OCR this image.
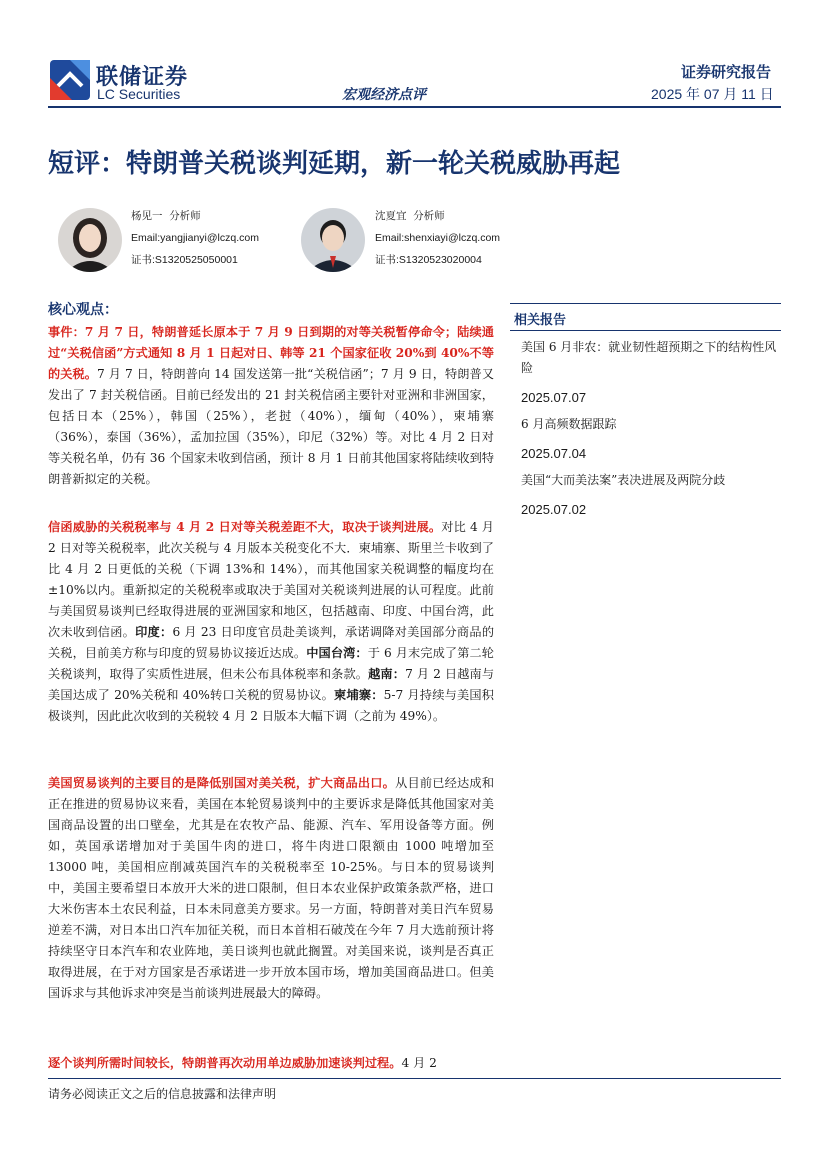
联储证券
LC Securities	宏观经济点评
证券研究报告
2025 年 07 月 11 日
短评：特朗普关税谈判延期，新一轮关税威胁再起
杨见一 分析师
Email:yangjianyi@lczq.com
证书:S1320525050001
沈夏宜 分析师
Email:shenxiayi@lczq.com
证书:S1320523020004
核心观点：
事件：7 月 7 日，特朗普延长原本于 7 月 9 日到期的对等关税暂停命令；陆续通过“关税信函”方式通知 8 月 1 日起对日、韩等 21 个国家征收 20%到 40%不等的关税。7 月 7 日，特朗普向 14 国发送第一批“关税信函”；7 月 9 日，特朗普又发出了 7 封关税信函。目前已经发出的 21 封关税信函主要针对亚洲和非洲国家，包括日本（25%），韩国（25%），老挝（40%），缅甸（40%），柬埔寨（36%），泰国（36%），孟加拉国（35%），印尼（32%）等。对比 4 月 2 日对等关税名单，仍有 36 个国家未收到信函，预计 8 月 1 日前其他国家将陆续收到特朗普新拟定的关税。
信函威胁的关税税率与 4 月 2 日对等关税差距不大，取决于谈判进展。对比 4 月 2 日对等关税税率，此次关税与 4 月版本关税变化不大．柬埔寨、斯里兰卡收到了比 4 月 2 日更低的关税（下调 13%和 14%），而其他国家关税调整的幅度均在±10%以内。重新拟定的关税税率或取决于美国对关税谈判进展的认可程度。此前与美国贸易谈判已经取得进展的亚洲国家和地区，包括越南、印度、中国台湾，此次未收到信函。印度：6 月 23 日印度官员赴美谈判，承诺调降对美国部分商品的关税，目前美方称与印度的贸易协议接近达成。中国台湾：于 6 月末完成了第二轮关税谈判，取得了实质性进展，但未公布具体税率和条款。越南：7 月 2 日越南与美国达成了 20%关税和 40%转口关税的贸易协议。柬埔寨：5-7 月持续与美国积极谈判，因此此次收到的关税较 4 月 2 日版本大幅下调（之前为 49%）。
美国贸易谈判的主要目的是降低别国对美关税，扩大商品出口。从目前已经达成和正在推进的贸易协议来看，美国在本轮贸易谈判中的主要诉求是降低其他国家对美国商品设置的出口壁垒，尤其是在农牧产品、能源、汽车、军用设备等方面。例如，英国承诺增加对于美国牛肉的进口，将牛肉进口限额由 1000 吨增加至 13000 吨，美国相应削减英国汽车的关税税率至 10-25%。与日本的贸易谈判中，美国主要希望日本放开大米的进口限制，但日本农业保护政策条款严格，进口大米伤害本土农民利益，日本未同意美方要求。另一方面，特朗普对美日汽车贸易逆差不满，对日本出口汽车加征关税，而日本首相石破茂在今年 7 月大选前预计将持续坚守日本汽车和农业阵地，美日谈判也就此搁置。对美国来说，谈判是否真正取得进展，在于对方国家是否承诺进一步开放本国市场，增加美国商品进口。但美国诉求与其他诉求冲突是当前谈判进展最大的障碍。
逐个谈判所需时间较长，特朗普再次动用单边威胁加速谈判过程。4 月 2
相关报告
美国 6 月非农：就业韧性超预期之下的结构性风险
2025.07.07
6 月高频数据跟踪
2025.07.04
美国“大而美法案”表决进展及两院分歧
2025.07.02
请务必阅读正文之后的信息披露和法律声明
